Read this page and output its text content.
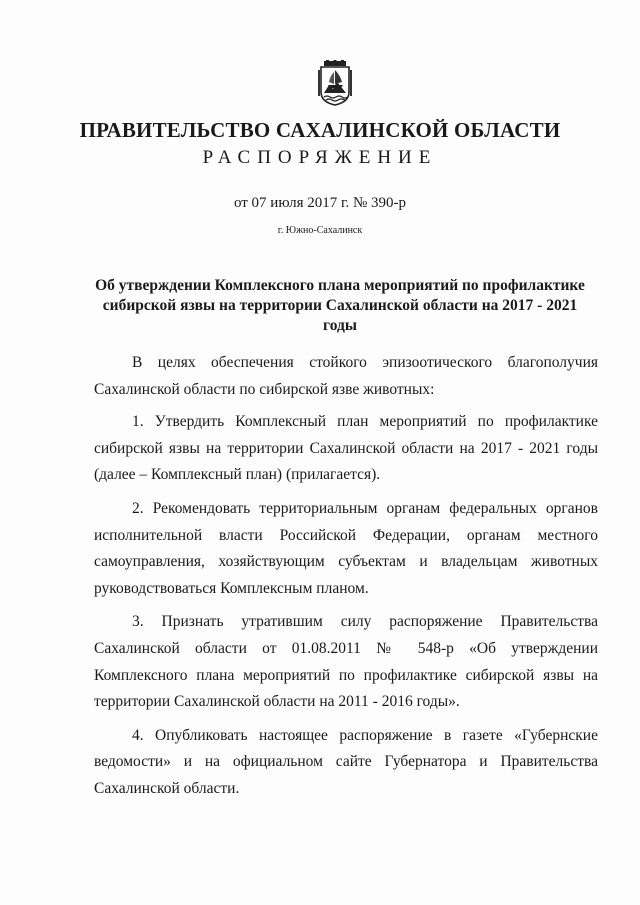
ПРАВИТЕЛЬСТВО САХАЛИНСКОЙ ОБЛАСТИ
РАСПОРЯЖЕНИЕ
от 07 июля 2017 г. № 390-р
г. Южно-Сахалинск
Об утверждении Комплексного плана мероприятий по профилактике
сибирской язвы на территории Сахалинской области на 2017 - 2021 годы

В целях обеспечения стойкого эпизоотического благополучия Сахалинской области по сибирской язве животных:

1. Утвердить Комплексный план мероприятий по профилактике сибирской язвы на территории Сахалинской области на 2017 - 2021 годы (далее – Комплексный план) (прилагается).

2. Рекомендовать территориальным органам федеральных органов исполнительной власти Российской Федерации, органам местного самоуправления, хозяйствующим субъектам и владельцам животных руководствоваться Комплексным планом.

3. Признать утратившим силу распоряжение Правительства Сахалинской области от 01.08.2011 № 548-р «Об утверждении Комплексного плана мероприятий по профилактике сибирской язвы на территории Сахалинской области на 2011 - 2016 годы».

4. Опубликовать настоящее распоряжение в газете «Губернские ведомости» и на официальном сайте Губернатора и Правительства Сахалинской области.
